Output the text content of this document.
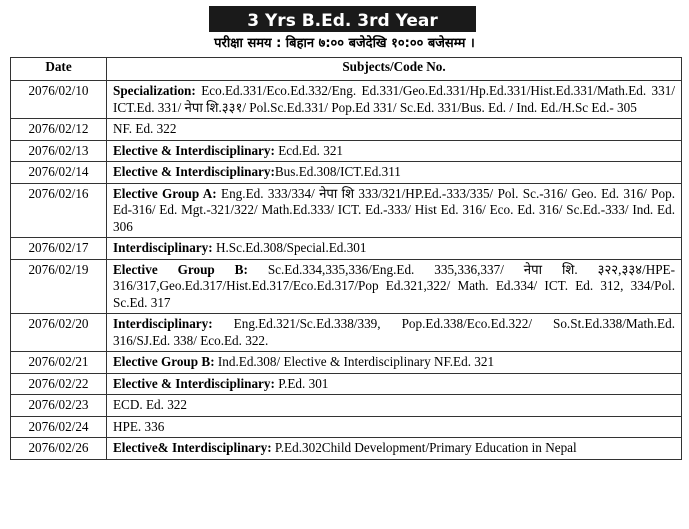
3 Yrs B.Ed. 3rd Year
परीक्षा समय : बिहान ७:०० बजेदेखि १०:०० बजेसम्म ।
Date	Subjects/Code No.
2076/02/10	Specialization: Eco.Ed.331/Eco.Ed.332/Eng. Ed.331/Geo.Ed.331/Hp.Ed.331/Hist.Ed.331/Math.Ed. 331/ ICT.Ed. 331/ नेपा शि.३३१/ Pol.Sc.Ed.331/ Pop.Ed 331/ Sc.Ed. 331/Bus. Ed. / Ind. Ed./H.Sc Ed.- 305
2076/02/12	NF. Ed. 322
2076/02/13	Elective & Interdisciplinary: Ecd.Ed. 321
2076/02/14	Elective & Interdisciplinary:Bus.Ed.308/ICT.Ed.311
2076/02/16	Elective Group A: Eng.Ed. 333/334/ नेपा शि 333/321/HP.Ed.-333/335/ Pol. Sc.-316/ Geo. Ed. 316/ Pop. Ed-316/ Ed. Mgt.-321/322/ Math.Ed.333/ ICT. Ed.-333/ Hist Ed. 316/ Eco. Ed. 316/ Sc.Ed.-333/ Ind. Ed. 306
2076/02/17	Interdisciplinary: H.Sc.Ed.308/Special.Ed.301
2076/02/19	Elective Group B: Sc.Ed.334,335,336/Eng.Ed. 335,336,337/ नेपा शि. ३२२,३३४/HPE-316/317,Geo.Ed.317/Hist.Ed.317/Eco.Ed.317/Pop Ed.321,322/ Math. Ed.334/ ICT. Ed. 312, 334/Pol. Sc.Ed. 317
2076/02/20	Interdisciplinary: Eng.Ed.321/Sc.Ed.338/339, Pop.Ed.338/Eco.Ed.322/ So.St.Ed.338/Math.Ed. 316/SJ.Ed. 338/ Eco.Ed. 322.
2076/02/21	Elective Group B: Ind.Ed.308/ Elective & Interdisciplinary NF.Ed. 321
2076/02/22	Elective & Interdisciplinary: P.Ed. 301
2076/02/23	ECD. Ed. 322
2076/02/24	HPE. 336
2076/02/26	Elective& Interdisciplinary: P.Ed.302Child Development/Primary Education in Nepal
